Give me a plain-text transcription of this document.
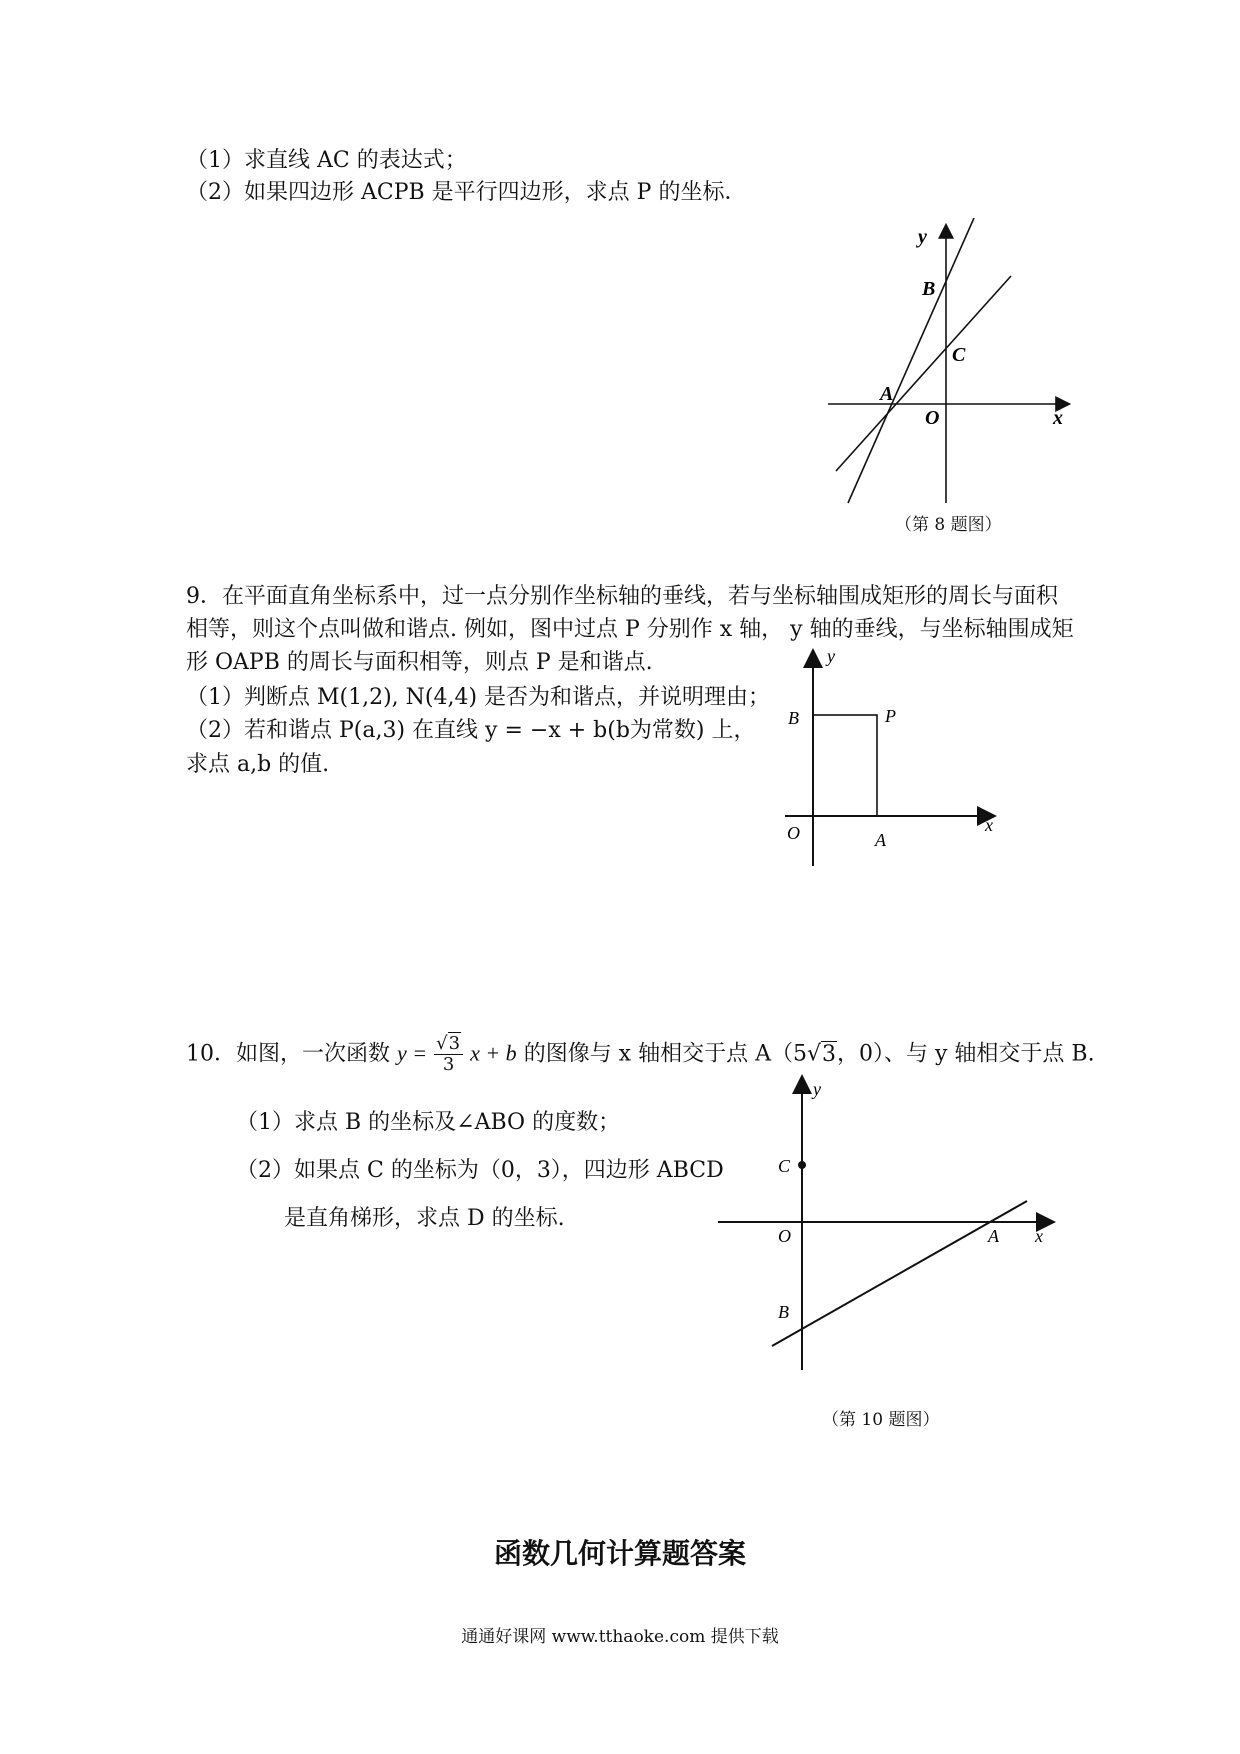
（1）求直线 AC 的表达式；
（2）如果四边形 ACPB 是平行四边形，求点 P 的坐标．
y
B
C
A
O	x
（第 8 题图）
9．在平面直角坐标系中，过一点分别作坐标轴的垂线，若与坐标轴围成矩形的周长与面积
相等，则这个点叫做和谐点. 例如，图中过点 P 分别作 x 轴， y 轴的垂线，与坐标轴围成矩
形 OAPB 的周长与面积相等，则点 P 是和谐点.
（1）判断点 M(1,2), N(4,4) 是否为和谐点，并说明理由；
（2）若和谐点 P(a,3) 在直线 y = −x + b(b为常数) 上，
求点 a,b 的值.
y
B	P
O	A
x
10．如图，一次函数 $y = \frac{√3}{3}$ x + b 的图像与 x 轴相交于点 A（5√3，0）、与 y 轴相交于点 B.
（1）求点 B 的坐标及∠ABO 的度数；
（2）如果点 C 的坐标为（0，3），四边形 ABCD
是直角梯形，求点 D 的坐标.
y
C
O	A x
B
（第 10 题图）
函数几何计算题答案
通通好课网 www.tthaoke.com 提供下载
